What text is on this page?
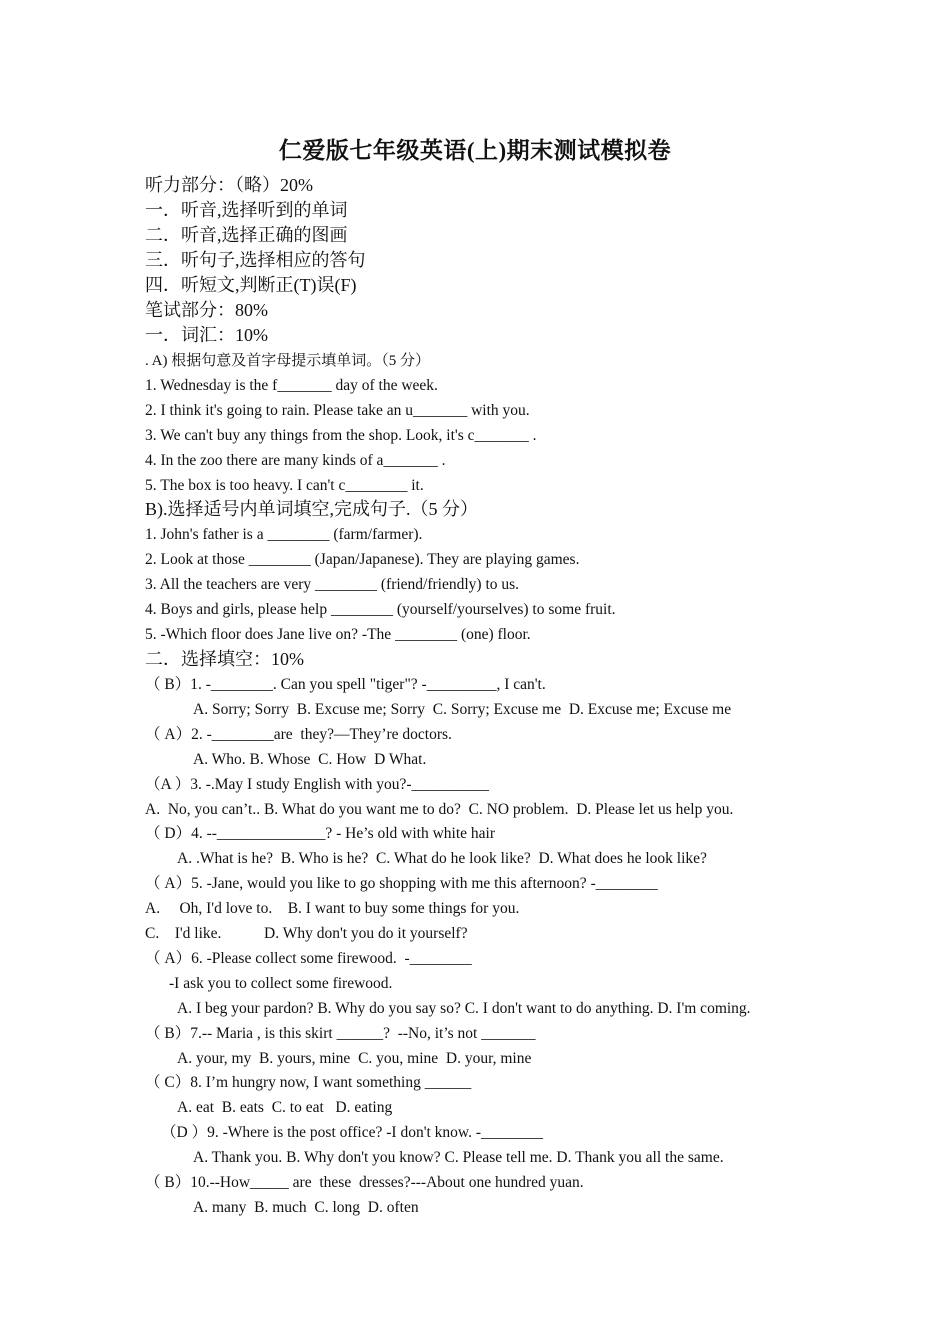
仁爱版七年级英语(上)期末测试模拟卷
听力部分：（略）20%
一．听音,选择听到的单词
二．听音,选择正确的图画
三．听句子,选择相应的答句
四．听短文,判断正(T)误(F)
笔试部分：80%
一．词汇：10%
. A) 根据句意及首字母提示填单词。（5 分）
1. Wednesday is the f_______ day of the week.
2. I think it's going to rain. Please take an u_______ with you.
3. We can't buy any things from the shop. Look, it's c_______ .
4. In the zoo there are many kinds of a_______ .
5. The box is too heavy. I can't c________ it.
B).选择适号内单词填空,完成句子.（5 分）
1. John's father is a ________ (farm/farmer).
2. Look at those ________ (Japan/Japanese). They are playing games.
3. All the teachers are very ________ (friend/friendly) to us.
4. Boys and girls, please help ________ (yourself/yourselves) to some fruit.
5. -Which floor does Jane live on? -The ________ (one) floor.
二．选择填空：10%
（ B）1. -________. Can you spell "tiger"? -_________, I can't.
A. Sorry; Sorry  B. Excuse me; Sorry  C. Sorry; Excuse me  D. Excuse me; Excuse me
（ A）2. -________are  they?—They’re doctors.
A. Who. B. Whose  C. How  D What.
（A ）3. -.May I study English with you?-__________
A.  No, you can’t.. B. What do you want me to do?  C. NO problem.  D. Please let us help you.
（ D）4. --______________? - He’s old with white hair
A. .What is he?  B. Who is he?  C. What do he look like?  D. What does he look like?
（ A）5. -Jane, would you like to go shopping with me this afternoon? -________
A.     Oh, I'd love to.    B. I want to buy some things for you.
C.    I'd like.           D. Why don't you do it yourself?
（ A）6. -Please collect some firewood.  -________
-I ask you to collect some firewood.
A. I beg your pardon? B. Why do you say so? C. I don't want to do anything. D. I'm coming.
（ B）7.-- Maria , is this skirt ______?  --No, it’s not _______
A. your, my  B. yours, mine  C. you, mine  D. your, mine
（ C）8. I’m hungry now, I want something ______
A. eat  B. eats  C. to eat   D. eating
（D ）9. -Where is the post office? -I don't know. -________
A. Thank you. B. Why don't you know? C. Please tell me. D. Thank you all the same.
（ B）10.--How_____ are  these  dresses?---About one hundred yuan.
A. many  B. much  C. long  D. often
